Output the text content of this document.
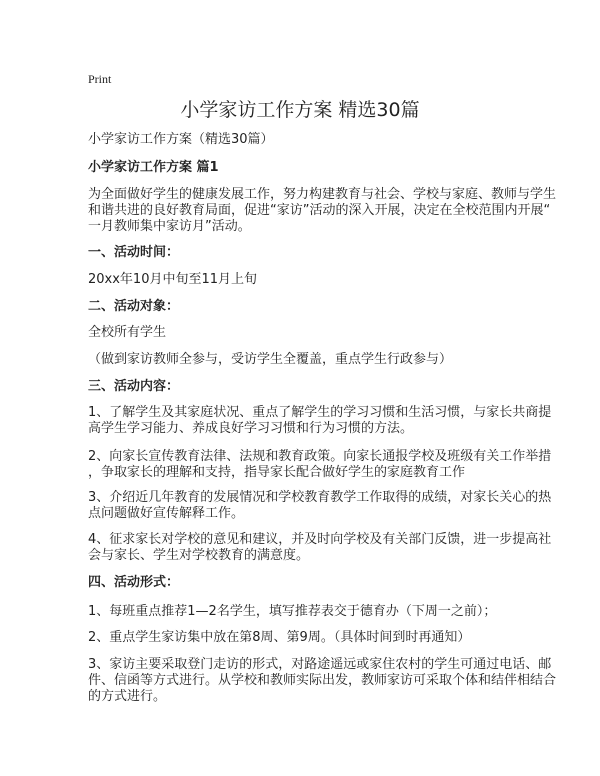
Print
小学家访工作方案 精选30篇
小学家访工作方案（精选30篇）
小学家访工作方案 篇1
为全面做好学生的健康发展工作，努力构建教育与社会、学校与家庭、教师与学生
和谐共进的良好教育局面，促进“家访”活动的深入开展，决定在全校范围内开展“
一月教师集中家访月”活动。
一、活动时间：
20xx年10月中旬至11月上旬
二、活动对象：
全校所有学生
（做到家访教师全参与，受访学生全覆盖，重点学生行政参与）
三、活动内容：
1、了解学生及其家庭状况、重点了解学生的学习习惯和生活习惯，与家长共商提
高学生学习能力、养成良好学习习惯和行为习惯的方法。
2、向家长宣传教育法律、法规和教育政策。向家长通报学校及班级有关工作举措
，争取家长的理解和支持，指导家长配合做好学生的家庭教育工作
3、介绍近几年教育的发展情况和学校教育教学工作取得的成绩，对家长关心的热
点问题做好宣传解释工作。
4、征求家长对学校的意见和建议，并及时向学校及有关部门反馈，进一步提高社
会与家长、学生对学校教育的满意度。
四、活动形式：
1、每班重点推荐1—2名学生，填写推荐表交于德育办（下周一之前）；
2、重点学生家访集中放在第8周、第9周。（具体时间到时再通知）
3、家访主要采取登门走访的形式，对路途遥远或家住农村的学生可通过电话、邮
件、信函等方式进行。从学校和教师实际出发，教师家访可采取个体和结伴相结合
的方式进行。
